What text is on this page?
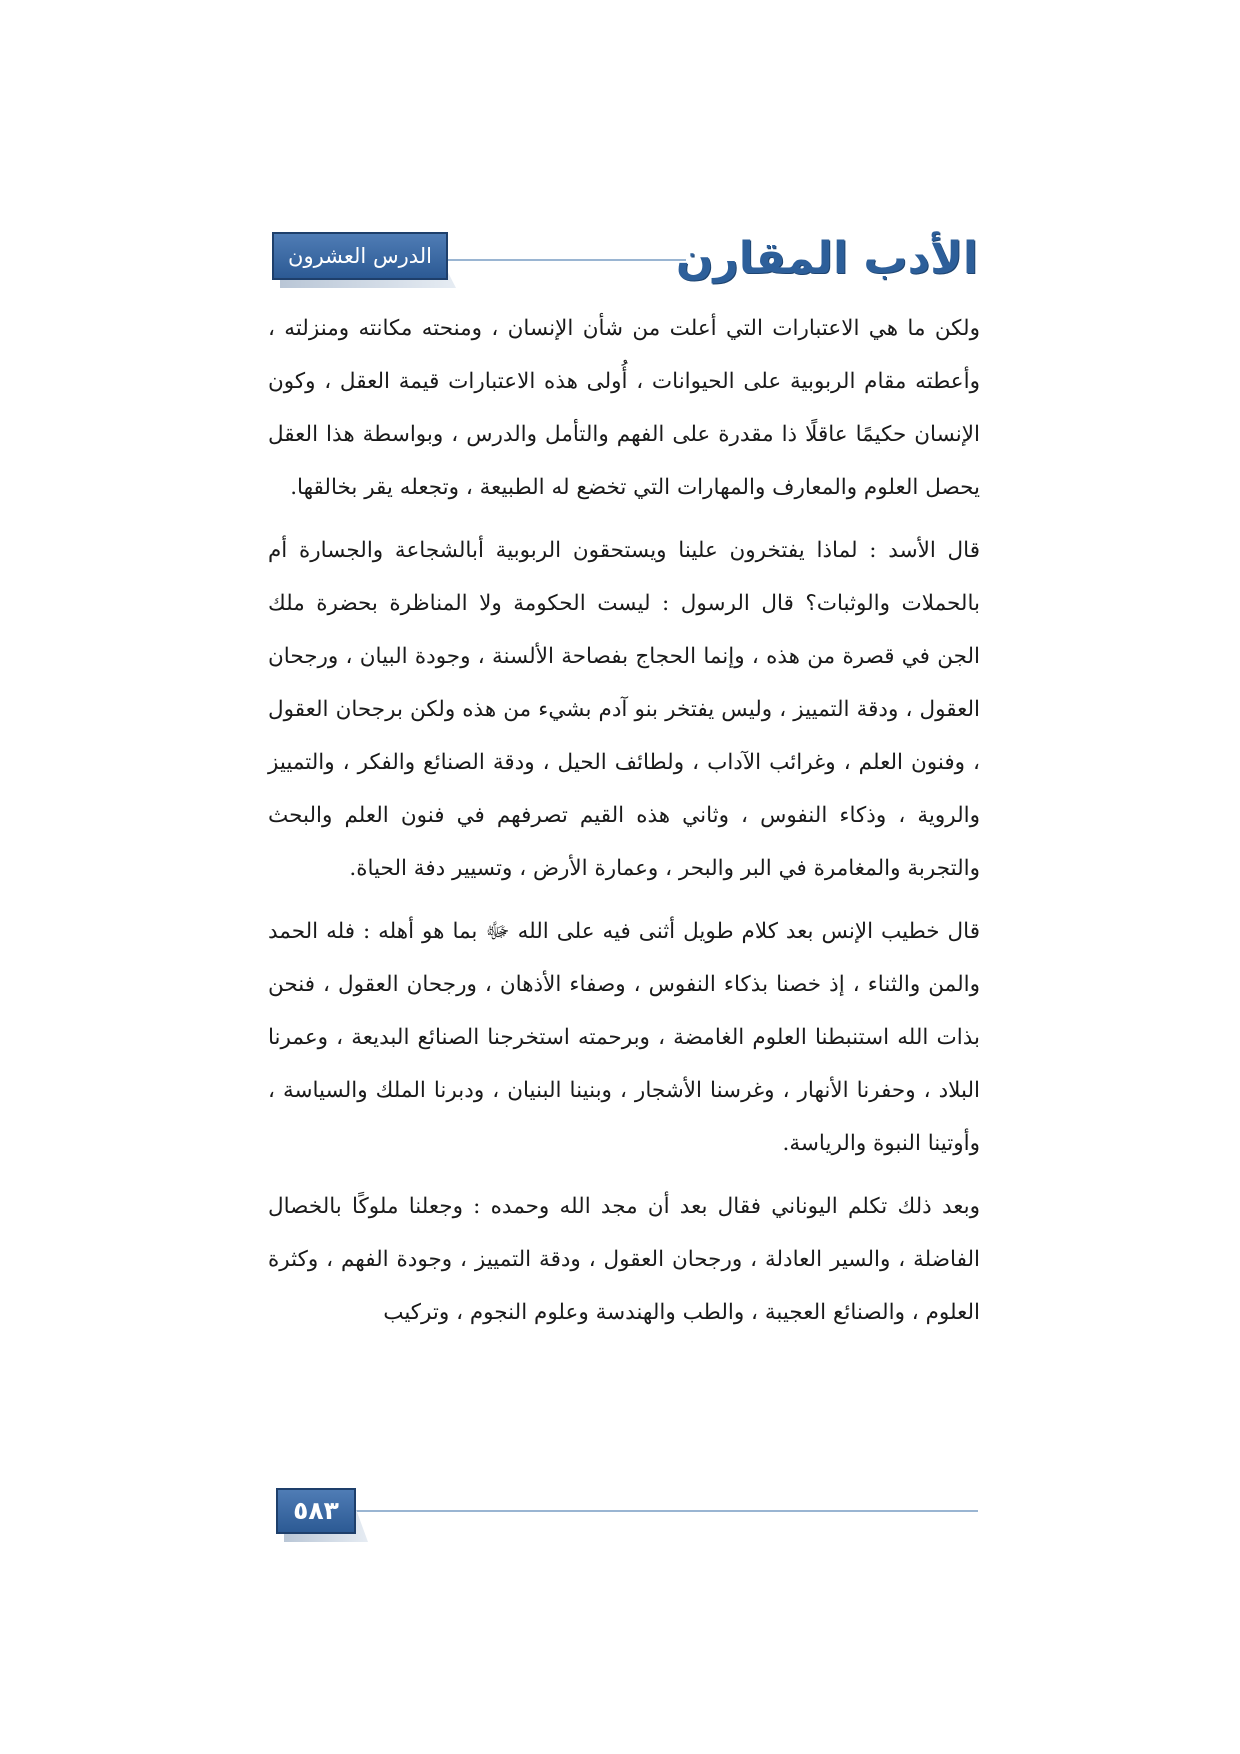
الأدب المقارن
الدرس العشرون

ولكن ما هي الاعتبارات التي أعلت من شأن الإنسان ، ومنحته مكانته ومنزلته ، وأعطته مقام الربوبية على الحيوانات ، أُولى هذه الاعتبارات قيمة العقل ، وكون الإنسان حكيمًا عاقلًا ذا مقدرة على الفهم والتأمل والدرس ، وبواسطة هذا العقل يحصل العلوم والمعارف والمهارات التي تخضع له الطبيعة ، وتجعله يقر بخالقها.

قال الأسد : لماذا يفتخرون علينا ويستحقون الربوبية أبالشجاعة والجسارة أم بالحملات والوثبات؟ قال الرسول : ليست الحكومة ولا المناظرة بحضرة ملك الجن في قصرة من هذه ، وإنما الحجاج بفصاحة الألسنة ، وجودة البيان ، ورجحان العقول ، ودقة التمييز ، وليس يفتخر بنو آدم بشيء من هذه ولكن برجحان العقول ، وفنون العلم ، وغرائب الآداب ، ولطائف الحيل ، ودقة الصنائع والفكر ، والتمييز والروية ، وذكاء النفوس ، وثاني هذه القيم تصرفهم في فنون العلم والبحث والتجربة والمغامرة في البر والبحر ، وعمارة الأرض ، وتسيير دفة الحياة.

قال خطيب الإنس بعد كلام طويل أثنى فيه على الله ﷻ بما هو أهله : فله الحمد والمن والثناء ، إذ خصنا بذكاء النفوس ، وصفاء الأذهان ، ورجحان العقول ، فنحن بذات الله استنبطنا العلوم الغامضة ، وبرحمته استخرجنا الصنائع البديعة ، وعمرنا البلاد ، وحفرنا الأنهار ، وغرسنا الأشجار ، وبنينا البنيان ، ودبرنا الملك والسياسة ، وأوتينا النبوة والرياسة.

وبعد ذلك تكلم اليوناني فقال بعد أن مجد الله وحمده : وجعلنا ملوكًا بالخصال الفاضلة ، والسير العادلة ، ورجحان العقول ، ودقة التمييز ، وجودة الفهم ، وكثرة العلوم ، والصنائع العجيبة ، والطب والهندسة وعلوم النجوم ، وتركيب

٥٨٣
